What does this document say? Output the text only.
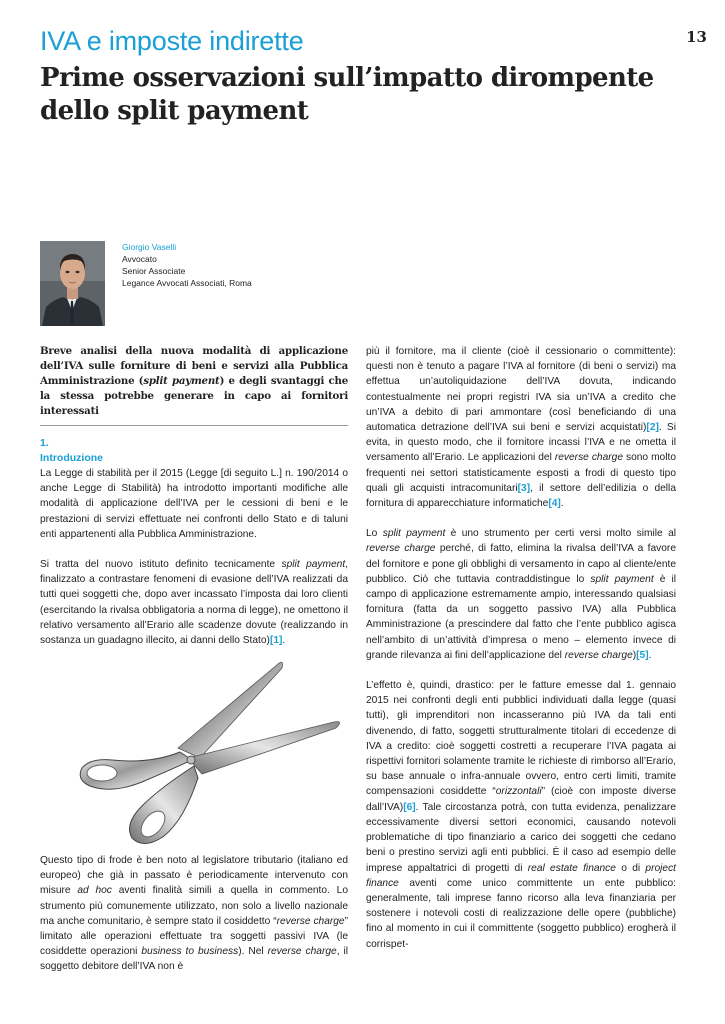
13
IVA e imposte indirette
Prime osservazioni sull’impatto dirompente
dello split payment
Giorgio Vaselli
Avvocato
Senior Associate
Legance Avvocati Associati, Roma

Breve analisi della nuova modalità di applicazione dell’IVA sulle forniture di beni e servizi alla Pubblica Amministrazione (split payment) e degli svantaggi che la stessa potrebbe generare in capo ai fornitori interessati

1.
Introduzione

La Legge di stabilità per il 2015 (Legge [di seguito L.] n. 190/2014 o anche Legge di Stabilità) ha introdotto importanti modifiche alle modalità di applicazione dell’IVA per le cessioni di beni e le prestazioni di servizi effettuate nei confronti dello Stato e di taluni enti appartenenti alla Pubblica Amministrazione.

Si tratta del nuovo istituto definito tecnicamente split payment, finalizzato a contrastare fenomeni di evasione dell’IVA realizzati da tutti quei soggetti che, dopo aver incassato l’imposta dai loro clienti (esercitando la rivalsa obbligatoria a norma di legge), ne omettono il relativo versamento all’Erario alle scadenze dovute (realizzando in sostanza un guadagno illecito, ai danni dello Stato)[1].

Questo tipo di frode è ben noto al legislatore tributario (italiano ed europeo) che già in passato è periodicamente intervenuto con misure ad hoc aventi finalità simili a quella in commento. Lo strumento più comunemente utilizzato, non solo a livello nazionale ma anche comunitario, è sempre stato il cosiddetto “reverse charge” limitato alle operazioni effettuate tra soggetti passivi IVA (le cosiddette operazioni business to business). Nel reverse charge, il soggetto debitore dell’IVA non è

più il fornitore, ma il cliente (cioè il cessionario o committente): questi non è tenuto a pagare l’IVA al fornitore (di beni o servizi) ma effettua un’autoliquidazione dell’IVA dovuta, indicando contestualmente nei propri registri IVA sia un’IVA a credito che un’IVA a debito di pari ammontare (così beneficiando di una automatica detrazione dell’IVA sui beni e servizi acquistati)[2]. Si evita, in questo modo, che il fornitore incassi l’IVA e ne ometta il versamento all’Erario. Le applicazioni del reverse charge sono molto frequenti nei settori statisticamente esposti a frodi di questo tipo quali gli acquisti intracomunitari[3], il settore dell’edilizia o della fornitura di apparecchiature informatiche[4].

Lo split payment è uno strumento per certi versi molto simile al reverse charge perché, di fatto, elimina la rivalsa dell’IVA a favore del fornitore e pone gli obblighi di versamento in capo al cliente/ente pubblico. Ciò che tuttavia contraddistingue lo split payment è il campo di applicazione estremamente ampio, interessando qualsiasi fornitura (fatta da un soggetto passivo IVA) alla Pubblica Amministrazione (a prescindere dal fatto che l’ente pubblico agisca nell’ambito di un’attività d’impresa o meno – elemento invece di grande rilevanza ai fini dell’applicazione del reverse charge)[5].

L’effetto è, quindi, drastico: per le fatture emesse dal 1. gennaio 2015 nei confronti degli enti pubblici individuati dalla legge (quasi tutti), gli imprenditori non incasseranno più IVA da tali enti divenendo, di fatto, soggetti strutturalmente titolari di eccedenze di IVA a credito: cioè soggetti costretti a recuperare l’IVA pagata ai rispettivi fornitori solamente tramite le richieste di rimborso all’Erario, su base annuale o infra-annuale ovvero, entro certi limiti, tramite compensazioni cosiddette “orizzontali” (cioè con imposte diverse dall’IVA)[6]. Tale circostanza potrà, con tutta evidenza, penalizzare eccessivamente diversi settori economici, causando notevoli problematiche di tipo finanziario a carico dei soggetti che cedano beni o prestino servizi agli enti pubblici. È il caso ad esempio delle imprese appaltatrici di progetti di real estate finance o di project finance aventi come unico committente un ente pubblico: generalmente, tali imprese fanno ricorso alla leva finanziaria per sostenere i notevoli costi di realizzazione delle opere (pubbliche) fino al momento in cui il committente (soggetto pubblico) erogherà il corrispet-
